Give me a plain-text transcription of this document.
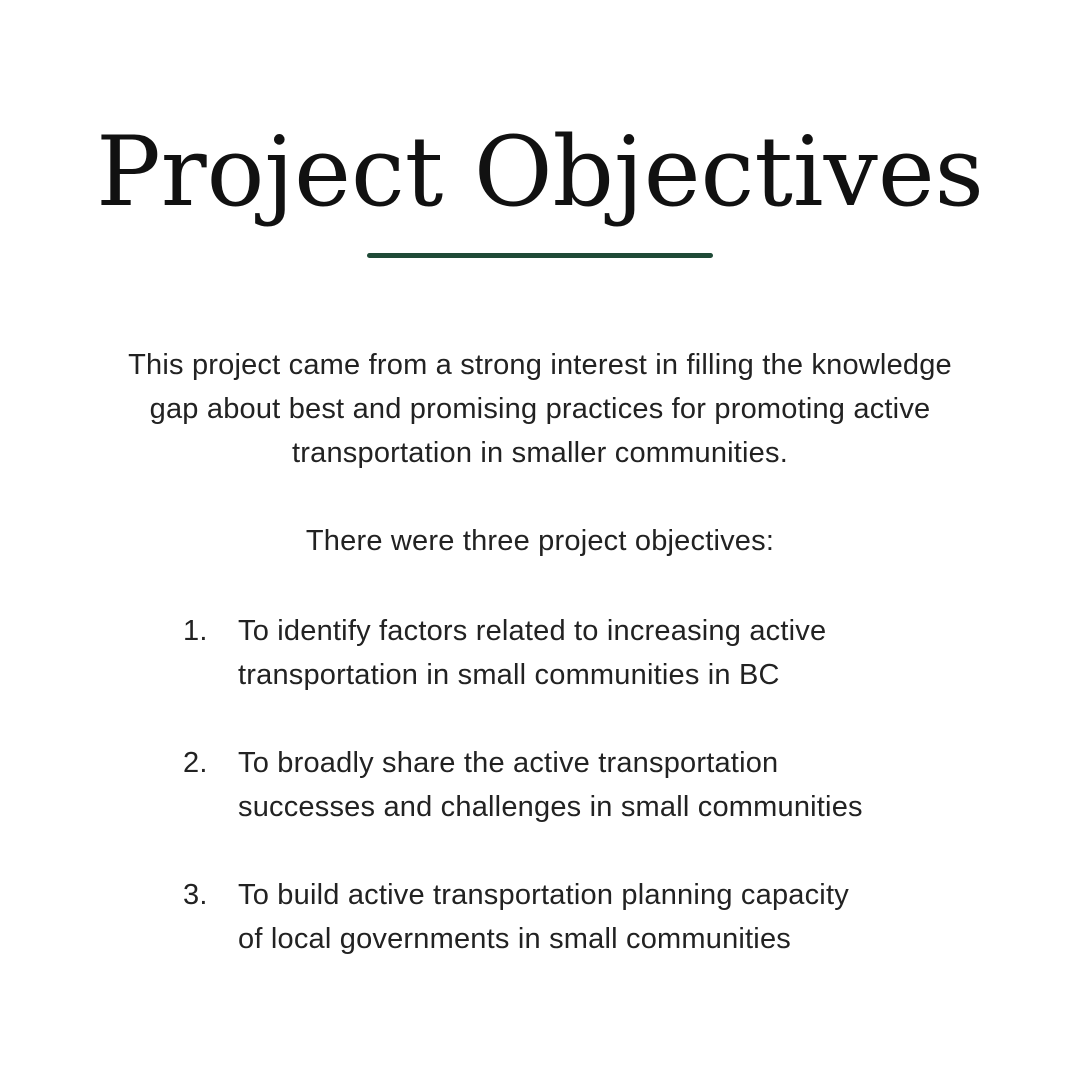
Project Objectives

This project came from a strong interest in filling the knowledge gap about best and promising practices for promoting active transportation in smaller communities.

There were three project objectives:

1.	To identify factors related to increasing active
transportation in small communities in BC
2.	To broadly share the active transportation
successes and challenges in small communities
3.	To build active transportation planning capacity
of local governments in small communities
